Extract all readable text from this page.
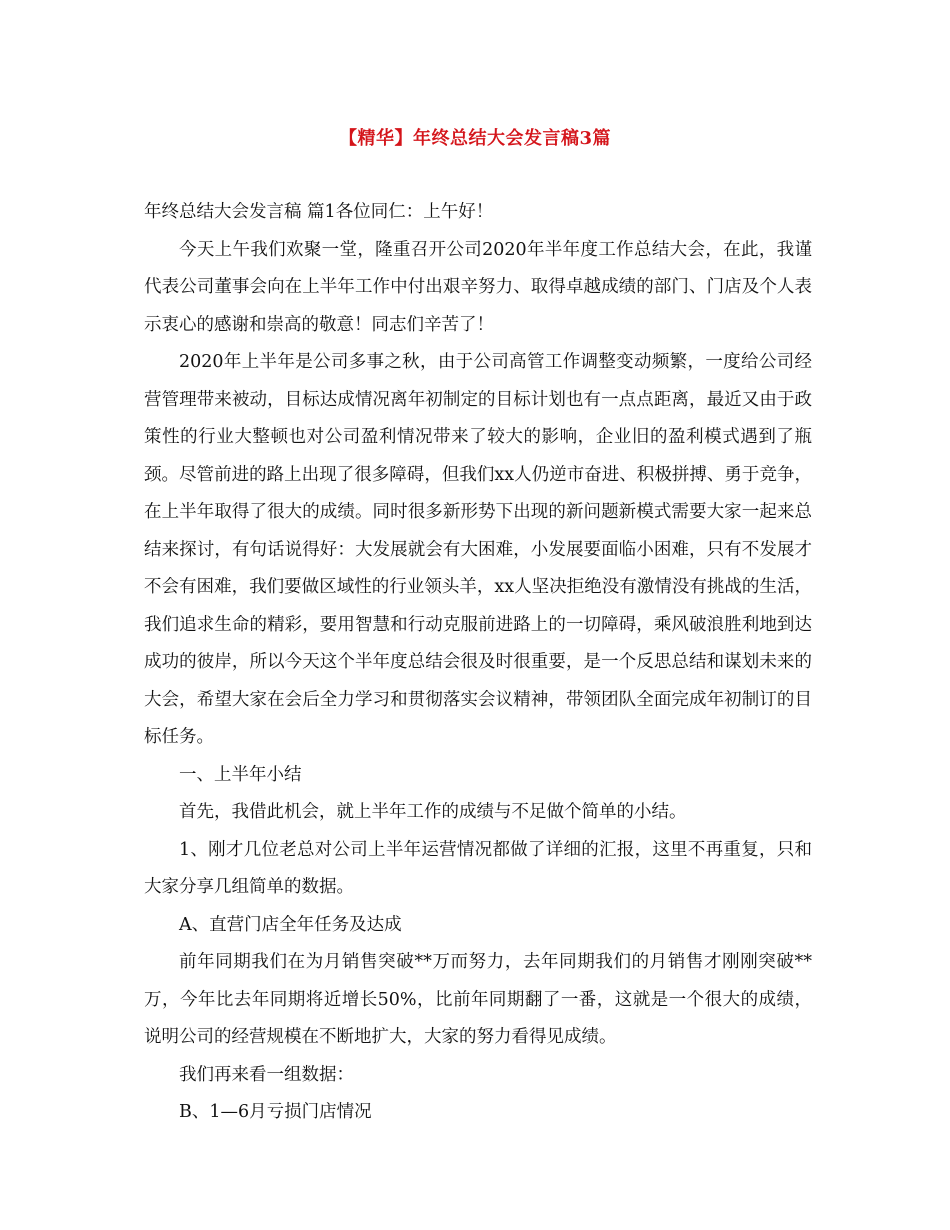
【精华】年终总结大会发言稿3篇

年终总结大会发言稿 篇1各位同仁：上午好！

今天上午我们欢聚一堂，隆重召开公司2020年半年度工作总结大会，在此，我谨代表公司董事会向在上半年工作中付出艰辛努力、取得卓越成绩的部门、门店及个人表示衷心的感谢和崇高的敬意！同志们辛苦了！

2020年上半年是公司多事之秋，由于公司高管工作调整变动频繁，一度给公司经营管理带来被动，目标达成情况离年初制定的目标计划也有一点点距离，最近又由于政策性的行业大整顿也对公司盈利情况带来了较大的影响，企业旧的盈利模式遇到了瓶颈。尽管前进的路上出现了很多障碍，但我们xx人仍逆市奋进、积极拼搏、勇于竞争，在上半年取得了很大的成绩。同时很多新形势下出现的新问题新模式需要大家一起来总结来探讨，有句话说得好：大发展就会有大困难，小发展要面临小困难，只有不发展才不会有困难，我们要做区域性的行业领头羊，xx人坚决拒绝没有激情没有挑战的生活，我们追求生命的精彩，要用智慧和行动克服前进路上的一切障碍，乘风破浪胜利地到达成功的彼岸，所以今天这个半年度总结会很及时很重要，是一个反思总结和谋划未来的大会，希望大家在会后全力学习和贯彻落实会议精神，带领团队全面完成年初制订的目标任务。

一、上半年小结

首先，我借此机会，就上半年工作的成绩与不足做个简单的小结。

1、刚才几位老总对公司上半年运营情况都做了详细的汇报，这里不再重复，只和大家分享几组简单的数据。

A、直营门店全年任务及达成

前年同期我们在为月销售突破**万而努力，去年同期我们的月销售才刚刚突破**万，今年比去年同期将近增长50%，比前年同期翻了一番，这就是一个很大的成绩，说明公司的经营规模在不断地扩大，大家的努力看得见成绩。

我们再来看一组数据：

B、1—6月亏损门店情况
